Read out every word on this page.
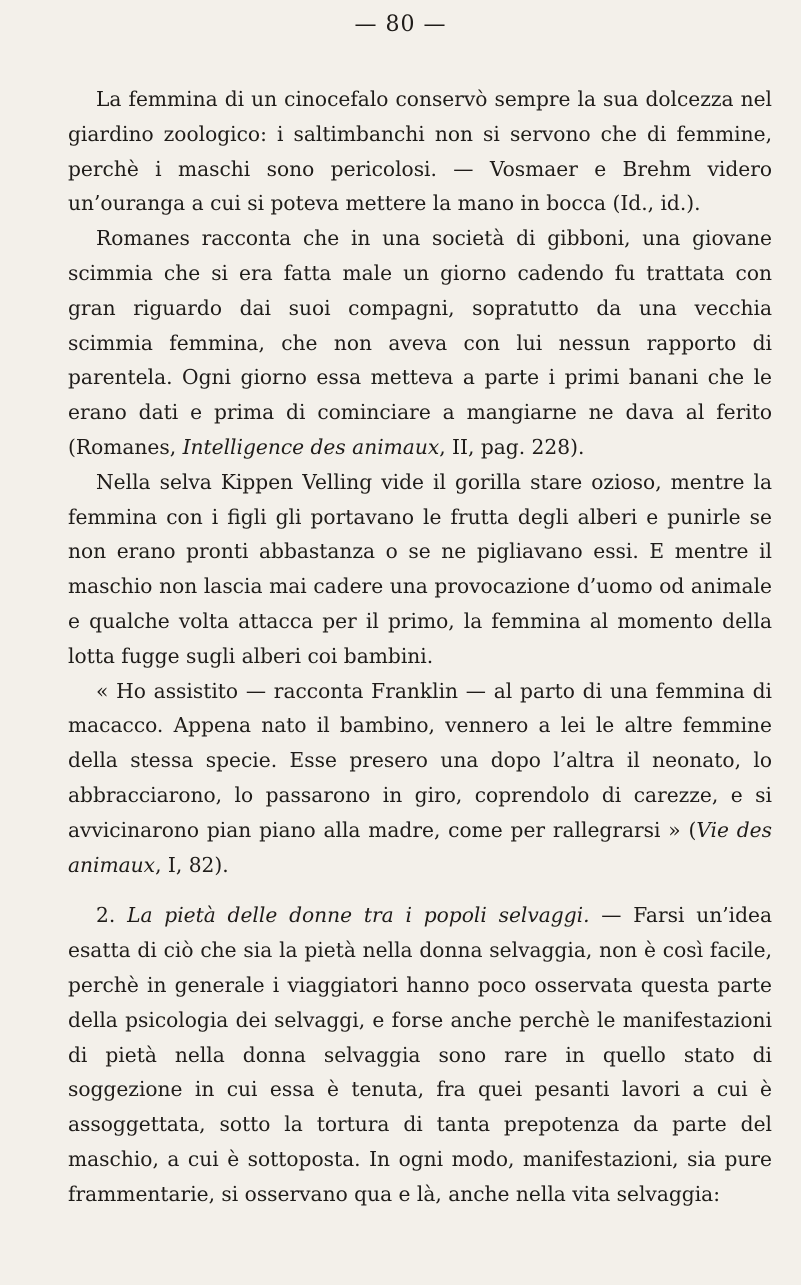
— 80 —

La femmina di un cinocefalo conservò sempre la sua dolcezza nel giardino zoologico: i saltimbanchi non si servono che di femmine, perchè i maschi sono pericolosi. — Vosmaer e Brehm videro un’ouranga a cui si poteva mettere la mano in bocca (Id., id.).

Romanes racconta che in una società di gibboni, una giovane scimmia che si era fatta male un giorno cadendo fu trattata con gran riguardo dai suoi compagni, sopratutto da una vecchia scimmia femmina, che non aveva con lui nessun rapporto di parentela. Ogni giorno essa metteva a parte i primi banani che le erano dati e prima di cominciare a mangiarne ne dava al ferito (Romanes, Intelligence des animaux, II, pag. 228).

Nella selva Kippen Velling vide il gorilla stare ozioso, mentre la femmina con i figli gli portavano le frutta degli alberi e punirle se non erano pronti abbastanza o se ne pigliavano essi. E mentre il maschio non lascia mai cadere una provocazione d’uomo od animale e qualche volta attacca per il primo, la femmina al momento della lotta fugge sugli alberi coi bambini.

« Ho assistito — racconta Franklin — al parto di una femmina di macacco. Appena nato il bambino, vennero a lei le altre femmine della stessa specie. Esse presero una dopo l’altra il neonato, lo abbracciarono, lo passarono in giro, coprendolo di carezze, e si avvicinarono pian piano alla madre, come per rallegrarsi » (Vie des animaux, I, 82).

2. La pietà delle donne tra i popoli selvaggi. — Farsi un’idea esatta di ciò che sia la pietà nella donna selvaggia, non è così facile, perchè in generale i viaggiatori hanno poco osservata questa parte della psicologia dei selvaggi, e forse anche perchè le manifestazioni di pietà nella donna selvaggia sono rare in quello stato di soggezione in cui essa è tenuta, fra quei pesanti lavori a cui è assoggettata, sotto la tortura di tanta prepotenza da parte del maschio, a cui è sottoposta. In ogni modo, manifestazioni, sia pure frammentarie, si osservano qua e là, anche nella vita selvaggia:
